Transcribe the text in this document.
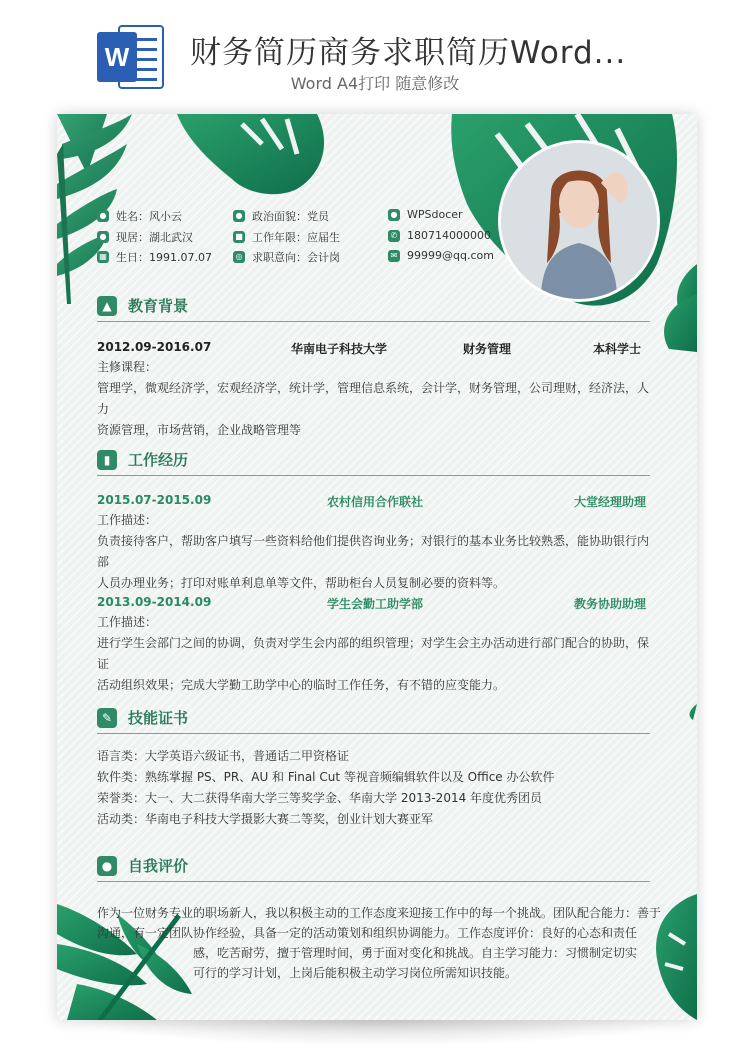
W 财务简历商务求职简历Word...
Word A4打印 随意修改
● 姓名： 风小云
● 现居： 湖北武汉
▦ 生日： 1991.07.07
● 政治面貌： 党员
■ 工作年限： 应届生
◎ 求职意向： 会计岗
● WPSdocer
✆ 180714000000
✉ 99999@qq.com
▲	教育背景
2012.09-2016.07	华南电子科技大学	财务管理	本科学士
主修课程：
管理学，微观经济学，宏观经济学，统计学，管理信息系统，会计学，财务管理，公司理财，经济法，人力
资源管理，市场营销，企业战略管理等
▮	工作经历
2015.07-2015.09	农村信用合作联社	大堂经理助理
工作描述：
负责接待客户，帮助客户填写一些资料给他们提供咨询业务；对银行的基本业务比较熟悉，能协助银行内部
人员办理业务；打印对账单利息单等文件，帮助柜台人员复制必要的资料等。
2013.09-2014.09	学生会勤工助学部	教务协助助理
工作描述：
进行学生会部门之间的协调，负责对学生会内部的组织管理；对学生会主办活动进行部门配合的协助，保证
活动组织效果；完成大学勤工助学中心的临时工作任务，有不错的应变能力。
✎	技能证书
语言类：大学英语六级证书，普通话二甲资格证
软件类：熟练掌握 PS、PR、AU 和 Final Cut 等视音频编辑软件以及 Office 办公软件
荣誉类：大一、大二获得华南大学三等奖学金、华南大学 2013-2014 年度优秀团员
活动类：华南电子科技大学摄影大赛二等奖，创业计划大赛亚军
●	自我评价
作为一位财务专业的职场新人，我以积极主动的工作态度来迎接工作中的每一个挑战。团队配合能力：善于
沟通，有一定团队协作经验，具备一定的活动策划和组织协调能力。工作态度评价：良好的心态和责任
感，吃苦耐劳，擅于管理时间，勇于面对变化和挑战。自主学习能力：习惯制定切实
可行的学习计划，上岗后能积极主动学习岗位所需知识技能。
